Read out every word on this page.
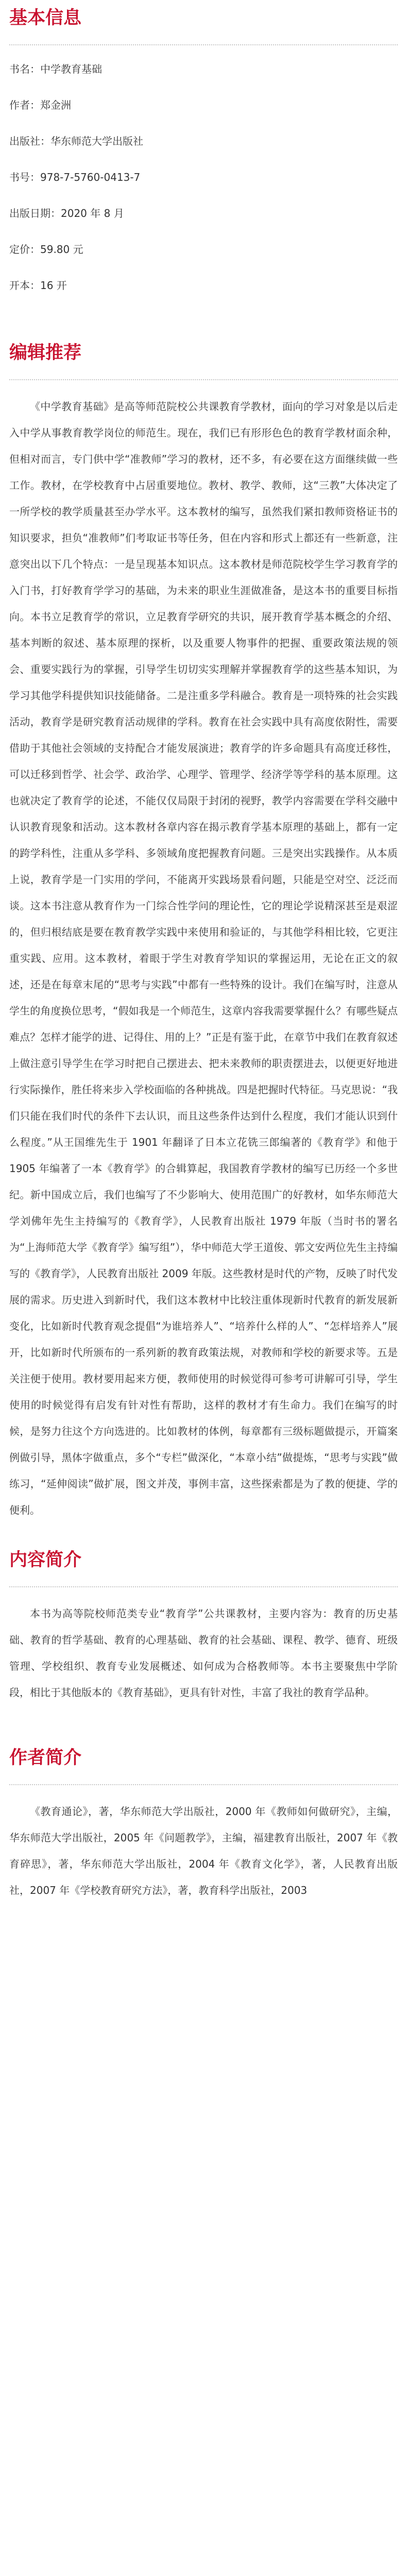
基本信息
书名：中学教育基础
作者：郑金洲
出版社：华东师范大学出版社
书号：978-7-5760-0413-7
出版日期：2020 年 8 月
定价：59.80 元
开本：16 开
编辑推荐

《中学教育基础》是高等师范院校公共课教育学教材，面向的学习对象是以后走入中学从事教育教学岗位的师范生。现在，我们已有形形色色的教育学教材面余种，但相对而言，专门供中学“准教师”学习的教材，还不多，有必要在这方面继续做一些工作。教材，在学校教育中占居重要地位。教材、教学、教师，这“三教”大体决定了一所学校的教学质量甚至办学水平。这本教材的编写，虽然我们紧扣教师资格证书的知识要求，担负“准教师”们考取证书等任务，但在内容和形式上都还有一些新意，注意突出以下几个特点：一是呈现基本知识点。这本教材是师范院校学生学习教育学的入门书，打好教育学学习的基础，为未来的职业生涯做准备，是这本书的重要目标指向。本书立足教育学的常识，立足教育学研究的共识，展开教育学基本概念的介绍、基本判断的叙述、基本原理的探析，以及重要人物事件的把握、重要政策法规的领会、重要实践行为的掌握，引导学生切切实实理解并掌握教育学的这些基本知识，为学习其他学科提供知识技能储备。二是注重多学科融合。教育是一项特殊的社会实践活动，教育学是研究教育活动规律的学科。教育在社会实践中具有高度依附性，需要借助于其他社会领域的支持配合才能发展演进；教育学的许多命题具有高度迁移性，可以迁移到哲学、社会学、政治学、心理学、管理学、经济学等学科的基本原理。这也就决定了教育学的论述，不能仅仅局限于封闭的视野，教学内容需要在学科交融中认识教育现象和活动。这本教材各章内容在揭示教育学基本原理的基础上，都有一定的跨学科性，注重从多学科、多领域角度把握教育问题。三是突出实践操作。从本质上说，教育学是一门实用的学问，不能离开实践场景看问题，只能是空对空、泛泛而谈。这本书注意从教育作为一门综合性学问的理论性，它的理论学说精深甚至是艰涩的，但归根结底是要在教育教学实践中来使用和验证的，与其他学科相比较，它更注重实践、应用。这本教材，着眼于学生对教育学知识的掌握运用，无论在正文的叙述，还是在每章末尾的“思考与实践”中都有一些特殊的设计。我们在编写时，注意从学生的角度换位思考，“假如我是一个师范生，这章内容我需要掌握什么？有哪些疑点难点？怎样才能学的进、记得住、用的上？”正是有鉴于此，在章节中我们在教育叙述上做注意引导学生在学习时把自己摆进去、把未来教师的职责摆进去，以便更好地进行实际操作，胜任将来步入学校面临的各种挑战。四是把握时代特征。马克思说：“我们只能在我们时代的条件下去认识，而且这些条件达到什么程度，我们才能认识到什么程度。”从王国维先生于 1901 年翻译了日本立花铣三郎编著的《教育学》和他于 1905 年编著了一本《教育学》的合辑算起，我国教育学教材的编写已历经一个多世纪。新中国成立后，我们也编写了不少影响大、使用范围广的好教材，如华东师范大学刘佛年先生主持编写的《教育学》，人民教育出版社 1979 年版（当时书的署名为“上海师范大学《教育学》编写组”），华中师范大学王道俊、郭文安两位先生主持编写的《教育学》，人民教育出版社 2009 年版。这些教材是时代的产物，反映了时代发展的需求。历史进入到新时代，我们这本教材中比较注重体现新时代教育的新发展新变化，比如新时代教育观念提倡“为谁培养人”、“培养什么样的人”、“怎样培养人”展开，比如新时代所颁布的一系列新的教育政策法规，对教师和学校的新要求等。五是关注便于使用。教材要用起来方便，教师使用的时候觉得可参考可讲解可引导，学生使用的时候觉得有启发有针对性有帮助，这样的教材才有生命力。我们在编写的时候，是努力往这个方向选进的。比如教材的体例，每章都有三级标题做提示，开篇案例做引导，黑体字做重点，多个“专栏”做深化，“本章小结”做提炼，“思考与实践”做练习，“延伸阅读”做扩展，图文并茂，事例丰富，这些探索都是为了教的便捷、学的便利。

内容简介

本书为高等院校师范类专业“教育学”公共课教材，主要内容为：教育的历史基础、教育的哲学基础、教育的心理基础、教育的社会基础、课程、教学、德育、班级管理、学校组织、教育专业发展概述、如何成为合格教师等。本书主要聚焦中学阶段，相比于其他版本的《教育基础》，更具有针对性，丰富了我社的教育学品种。

作者简介

《教育通论》，著，华东师范大学出版社，2000 年《教师如何做研究》，主编，华东师范大学出版社，2005 年《问题教学》，主编，福建教育出版社，2007 年《教育碎思》，著，华东师范大学出版社，2004 年《教育文化学》，著，人民教育出版社，2007 年《学校教育研究方法》，著，教育科学出版社，2003
